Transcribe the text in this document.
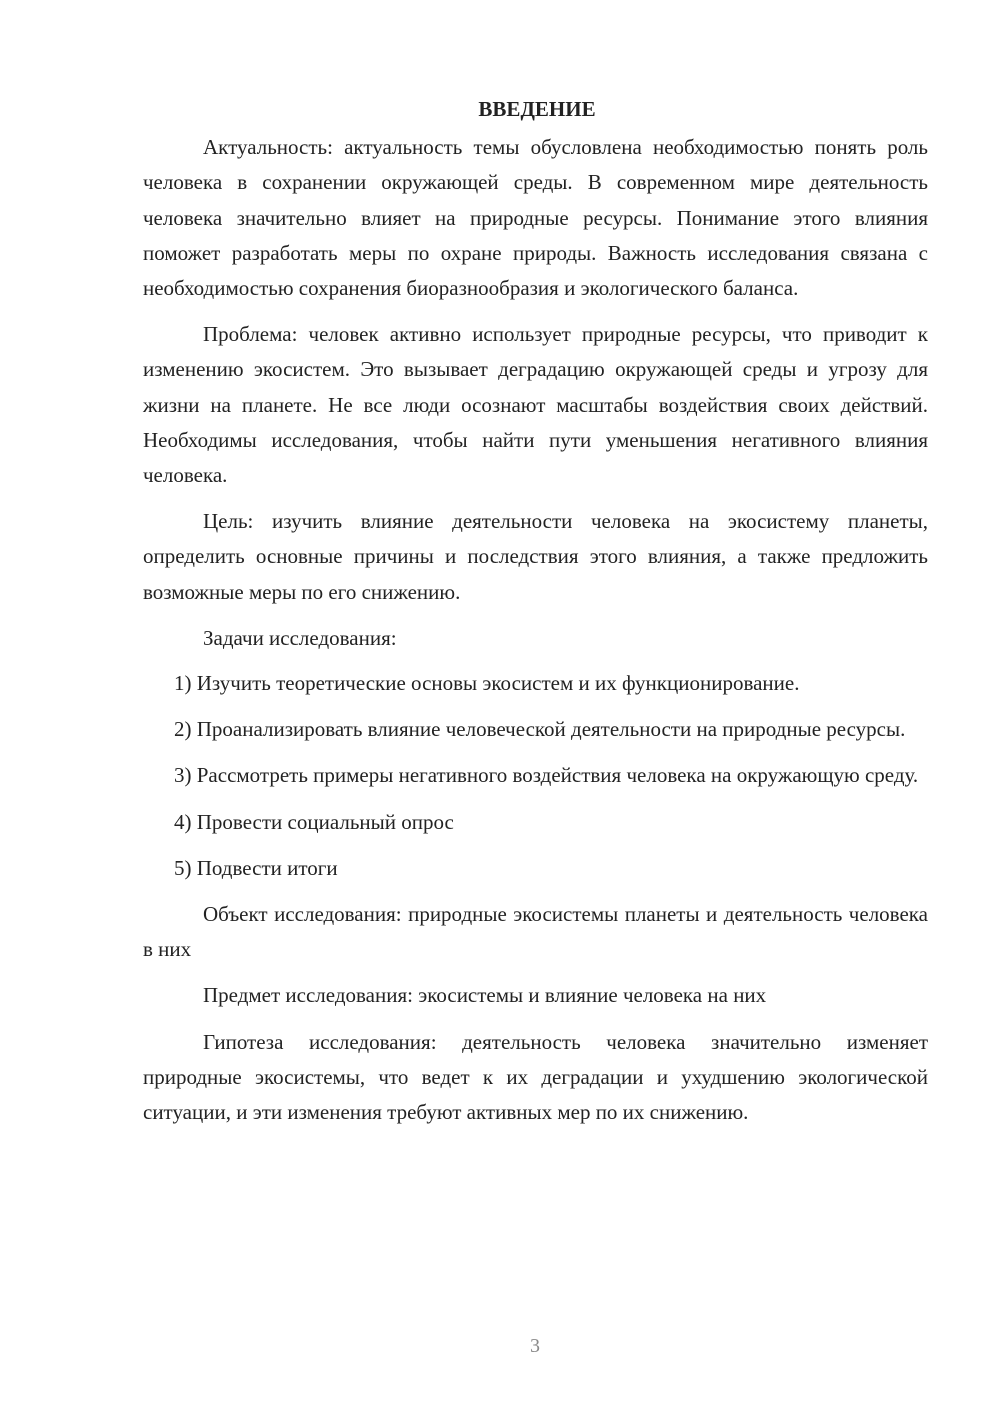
ВВЕДЕНИЕ

Актуальность: актуальность темы обусловлена необходимостью понять роль человека в сохранении окружающей среды. В современном мире деятельность человека значительно влияет на природные ресурсы. Понимание этого влияния поможет разработать меры по охране природы. Важность исследования связана с необходимостью сохранения биоразнообразия и экологического баланса.

Проблема: человек активно использует природные ресурсы, что приводит к изменению экосистем. Это вызывает деградацию окружающей среды и угрозу для жизни на планете. Не все люди осознают масштабы воздействия своих действий. Необходимы исследования, чтобы найти пути уменьшения негативного влияния человека.

Цель: изучить влияние деятельности человека на экосистему планеты, определить основные причины и последствия этого влияния, а также предложить возможные меры по его снижению.

Задачи исследования:

1) Изучить теоретические основы экосистем и их функционирование.

2) Проанализировать влияние человеческой деятельности на природные ресурсы.

3) Рассмотреть примеры негативного воздействия человека на окружающую среду.

4) Провести социальный опрос

5) Подвести итоги

Объект исследования: природные экосистемы планеты и деятельность человека в них

Предмет исследования: экосистемы и влияние человека на них

Гипотеза исследования: деятельность человека значительно изменяет природные экосистемы, что ведет к их деградации и ухудшению экологической ситуации, и эти изменения требуют активных мер по их снижению.

3
